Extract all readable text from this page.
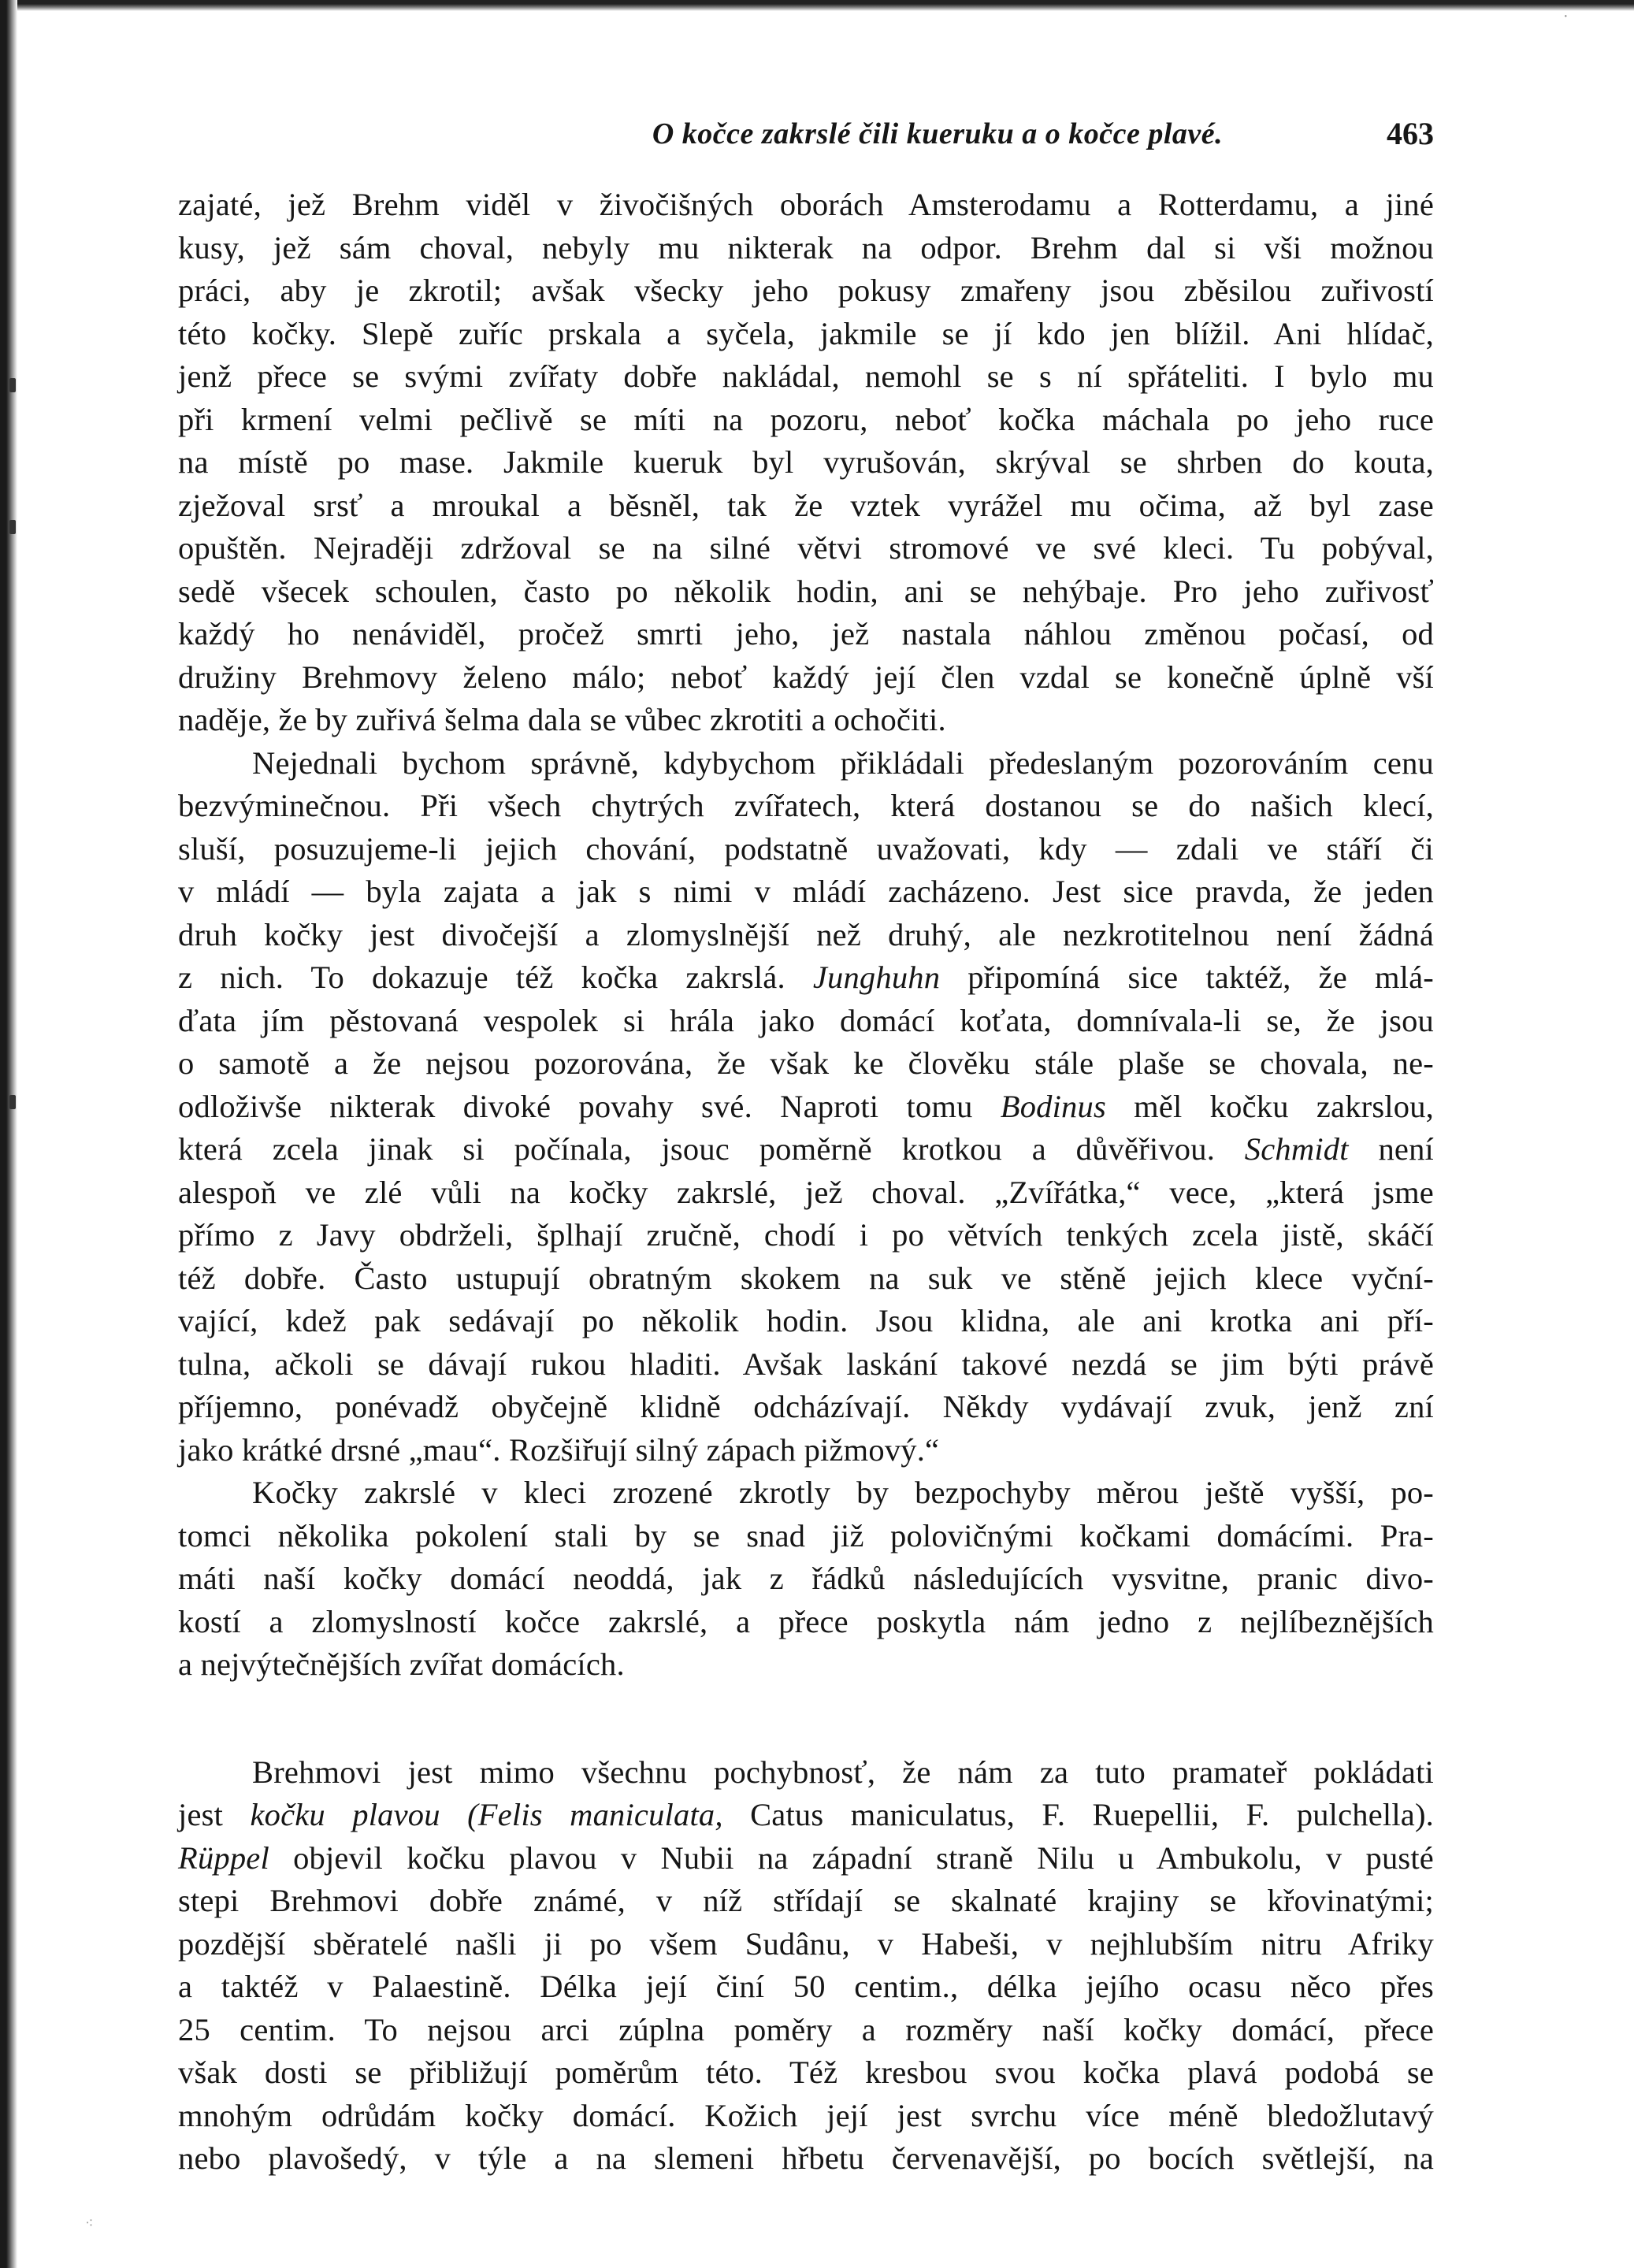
·
⁖
O kočce zakrslé čili kueruku a o kočce plavé.	463
zajaté, jež Brehm viděl v živočišných oborách Amsterodamu a Rotterdamu, a jiné
kusy, jež sám choval, nebyly mu nikterak na odpor. Brehm dal si vši možnou
práci, aby je zkrotil; avšak všecky jeho pokusy zmařeny jsou zběsilou zuřivostí
této kočky. Slepě zuříc prskala a syčela, jakmile se jí kdo jen blížil. Ani hlídač,
jenž přece se svými zvířaty dobře nakládal, nemohl se s ní spřáteliti. I bylo mu
při krmení velmi pečlivě se míti na pozoru, neboť kočka máchala po jeho ruce
na místě po mase. Jakmile kueruk byl vyrušován, skrýval se shrben do kouta,
zježoval srsť a mroukal a běsněl, tak že vztek vyrážel mu očima, až byl zase
opuštěn. Nejraději zdržoval se na silné větvi stromové ve své kleci. Tu pobýval,
sedě všecek schoulen, často po několik hodin, ani se nehýbaje. Pro jeho zuřivosť
každý ho nenáviděl, pročež smrti jeho, jež nastala náhlou změnou počasí, od
družiny Brehmovy želeno málo; neboť každý její člen vzdal se konečně úplně vší
naděje, že by zuřivá šelma dala se vůbec zkrotiti a ochočiti.
Nejednali bychom správně, kdybychom přikládali předeslaným pozorováním cenu
bezvýminečnou. Při všech chytrých zvířatech, která dostanou se do našich klecí,
sluší, posuzujeme-li jejich chování, podstatně uvažovati, kdy — zdali ve stáří či
v mládí — byla zajata a jak s nimi v mládí zacházeno. Jest sice pravda, že jeden
druh kočky jest divočejší a zlomyslnější než druhý, ale nezkrotitelnou není žádná
z nich. To dokazuje též kočka zakrslá. Junghuhn připomíná sice taktéž, že mlá-
ďata jím pěstovaná vespolek si hrála jako domácí koťata, domnívala-li se, že jsou
o samotě a že nejsou pozorována, že však ke člověku stále plaše se chovala, ne-
odloživše nikterak divoké povahy své. Naproti tomu Bodinus měl kočku zakrslou,
která zcela jinak si počínala, jsouc poměrně krotkou a důvěřivou. Schmidt není
alespoň ve zlé vůli na kočky zakrslé, jež choval. „Zvířátka,“ vece, „která jsme
přímo z Javy obdrželi, šplhají zručně, chodí i po větvích tenkých zcela jistě, skáčí
též dobře. Často ustupují obratným skokem na suk ve stěně jejich klece vyční-
vající, kdež pak sedávají po několik hodin. Jsou klidna, ale ani krotka ani pří-
tulna, ačkoli se dávají rukou hladiti. Avšak laskání takové nezdá se jim býti právě
příjemno, ponévadž obyčejně klidně odcházívají. Někdy vydávají zvuk, jenž zní
jako krátké drsné „mau“. Rozšiřují silný zápach pižmový.“
Kočky zakrslé v kleci zrozené zkrotly by bezpochyby měrou ještě vyšší, po-
tomci několika pokolení stali by se snad již polovičnými kočkami domácími. Pra-
máti naší kočky domácí neoddá, jak z řádků následujících vysvitne, pranic divo-
kostí a zlomyslností kočce zakrslé, a přece poskytla nám jedno z nejlíbeznějších
a nejvýtečnějších zvířat domácích.
Brehmovi jest mimo všechnu pochybnosť, že nám za tuto pramateř pokládati
jest kočku plavou (Felis maniculata, Catus maniculatus, F. Ruepellii, F. pulchella).
Rüppel objevil kočku plavou v Nubii na západní straně Nilu u Ambukolu, v pusté
stepi Brehmovi dobře známé, v níž střídají se skalnaté krajiny se křovinatými;
pozdější sběratelé našli ji po všem Sudânu, v Habeši, v nejhlubším nitru Afriky
a taktéž v Palaestině. Délka její činí 50 centim., délka jejího ocasu něco přes
25 centim. To nejsou arci zúplna poměry a rozměry naší kočky domácí, přece
však dosti se přibližují poměrům této. Též kresbou svou kočka plavá podobá se
mnohým odrůdám kočky domácí. Kožich její jest svrchu více méně bledožlutavý
nebo plavošedý, v týle a na slemeni hřbetu červenavější, po bocích světlejší, na
